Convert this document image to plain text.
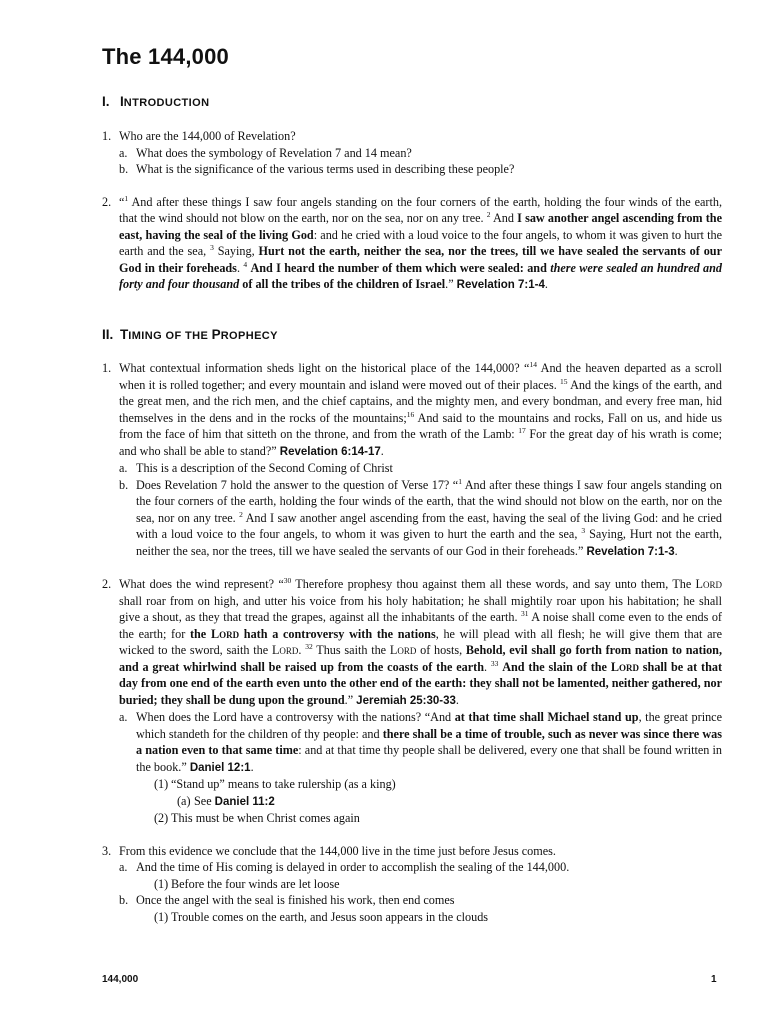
The 144,000
I. INTRODUCTION
1. Who are the 144,000 of Revelation?
a. What does the symbology of Revelation 7 and 14 mean?
b. What is the significance of the various terms used in describing these people?
2. “$^1$ And after these things I saw four angels standing on the four corners of the earth, holding the four winds of the earth, that the wind should not blow on the earth, nor on the sea, nor on any tree. $^2$ And I saw another angel ascending from the east, having the seal of the living God: and he cried with a loud voice to the four angels, to whom it was given to hurt the earth and the sea, $^3$ Saying, Hurt not the earth, neither the sea, nor the trees, till we have sealed the servants of our God in their foreheads. $^4$ And I heard the number of them which were sealed: and there were sealed an hundred and forty and four thousand of all the tribes of the children of Israel.” Revelation 7:1-4.
II. TIMING OF THE PROPHECY
1. What contextual information sheds light on the historical place of the 144,000? “$^{14}$ And the heaven departed as a scroll when it is rolled together; and every mountain and island were moved out of their places. $^{15}$ And the kings of the earth, and the great men, and the rich men, and the chief captains, and the mighty men, and every bondman, and every free man, hid themselves in the dens and in the rocks of the mountains;$^{16}$ And said to the mountains and rocks, Fall on us, and hide us from the face of him that sitteth on the throne, and from the wrath of the Lamb: $^{17}$ For the great day of his wrath is come; and who shall be able to stand?” Revelation 6:14-17.
a. This is a description of the Second Coming of Christ
b. Does Revelation 7 hold the answer to the question of Verse 17? “$^1$ And after these things I saw four angels standing on the four corners of the earth, holding the four winds of the earth, that the wind should not blow on the earth, nor on the sea, nor on any tree. $^2$ And I saw another angel ascending from the east, having the seal of the living God: and he cried with a loud voice to the four angels, to whom it was given to hurt the earth and the sea, $^3$ Saying, Hurt not the earth, neither the sea, nor the trees, till we have sealed the servants of our God in their foreheads.” Revelation 7:1-3.
2. What does the wind represent? “$^{30}$ Therefore prophesy thou against them all these words, and say unto them, The Lord shall roar from on high, and utter his voice from his holy habitation; he shall mightily roar upon his habitation; he shall give a shout, as they that tread the grapes, against all the inhabitants of the earth. $^{31}$ A noise shall come even to the ends of the earth; for the Lord hath a controversy with the nations, he will plead with all flesh; he will give them that are wicked to the sword, saith the Lord. $^{32}$ Thus saith the Lord of hosts, Behold, evil shall go forth from nation to nation, and a great whirlwind shall be raised up from the coasts of the earth. $^{33}$ And the slain of the Lord shall be at that day from one end of the earth even unto the other end of the earth: they shall not be lamented, neither gathered, nor buried; they shall be dung upon the ground.” Jeremiah 25:30-33.
a. When does the Lord have a controversy with the nations? “And at that time shall Michael stand up, the great prince which standeth for the children of thy people: and there shall be a time of trouble, such as never was since there was a nation even to that same time: and at that time thy people shall be delivered, every one that shall be found written in the book.” Daniel 12:1.
(1) “Stand up” means to take rulership (as a king)
(a) See Daniel 11:2
(2) This must be when Christ comes again
3. From this evidence we conclude that the 144,000 live in the time just before Jesus comes.
a. And the time of His coming is delayed in order to accomplish the sealing of the 144,000.
(1) Before the four winds are let loose
b. Once the angel with the seal is finished his work, then end comes
(1) Trouble comes on the earth, and Jesus soon appears in the clouds
144,000	1
